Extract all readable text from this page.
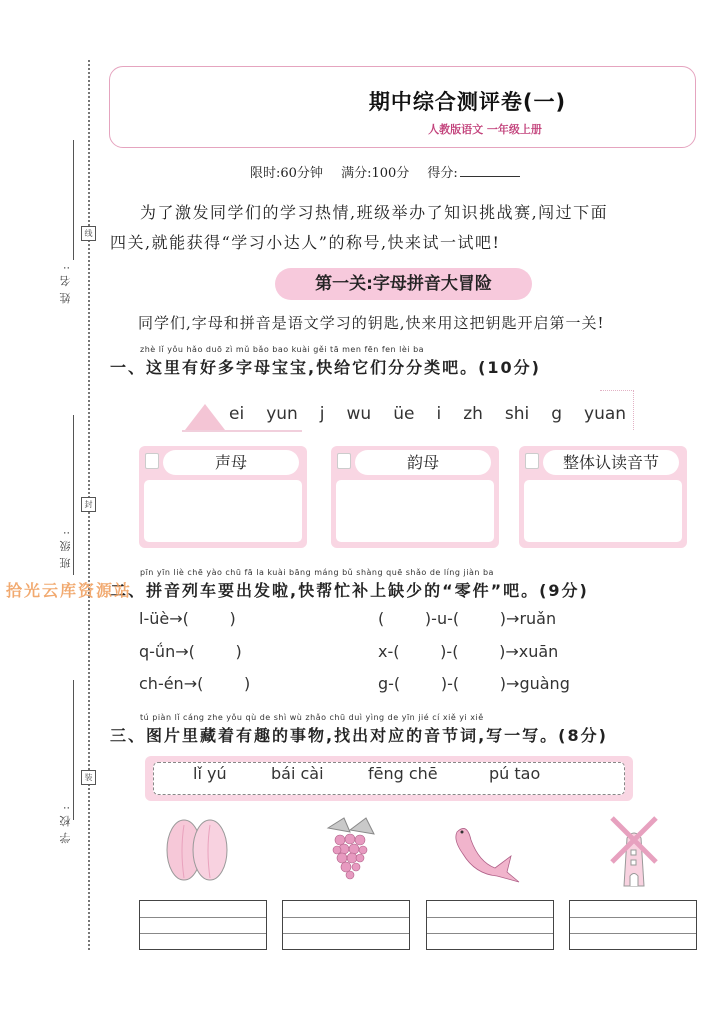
姓名:
班级:
学校:
线
封
装
拾光云库资源站
期中综合测评卷(一)
人教版语文 一年级上册
限时:60分钟 满分:100分 得分:
为了激发同学们的学习热情,班级举办了知识挑战赛,闯过下面
四关,就能获得“学习小达人”的称号,快来试一试吧!
第一关:字母拼音大冒险
同学们,字母和拼音是语文学习的钥匙,快来用这把钥匙开启第一关!
zhè lǐ yǒu hǎo duō zì mǔ bǎo bao kuài gěi tā men fēn fen lèi ba
一、这里有好多字母宝宝,快给它们分分类吧。(10分)
ei yun j wu üe i zh shi g yuan
声母	韵母	整体认读音节
pīn yīn liè chē yào chū fā la kuài bāng máng bǔ shàng quē shǎo de líng jiàn ba
二、拼音列车要出发啦,快帮忙补上缺少的“零件”吧。(9分)
l-üè→(        )	(        )-u-(        )→ruǎn
q-ǘn→(        )	x-(        )-(        )→xuān
ch-én→(        )	g-(        )-(        )→guàng
tú piàn lǐ cáng zhe yǒu qù de shì wù zhǎo chū duì yìng de yīn jié cí xiě yi xiě
三、图片里藏着有趣的事物,找出对应的音节词,写一写。(8分)
lǐ yú	bái cài	fēng chē	pú tao
